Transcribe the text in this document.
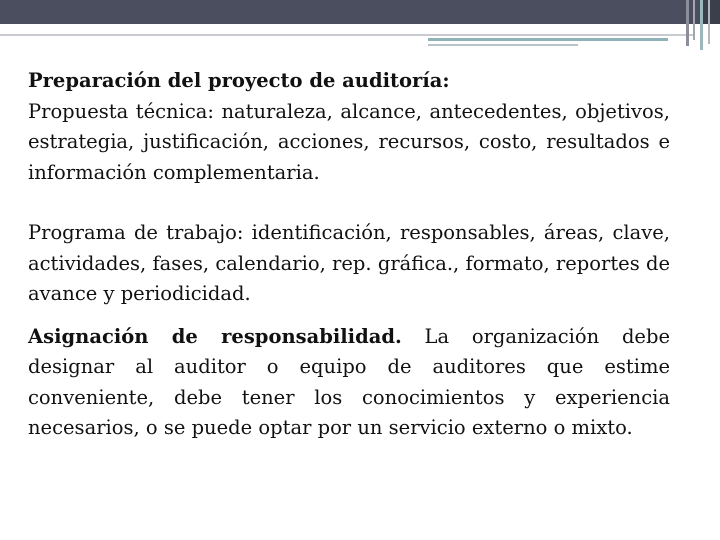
Preparación del proyecto de auditoría:
Propuesta técnica: naturaleza, alcance, antecedentes, objetivos, estrategia, justificación, acciones, recursos, costo, resultados e información complementaria.

Programa de trabajo: identificación, responsables, áreas, clave, actividades, fases, calendario, rep. gráfica., formato, reportes de avance y periodicidad.

Asignación de responsabilidad. La organización debe designar al auditor o equipo de auditores que estime conveniente, debe tener los conocimientos y experiencia necesarios, o se puede optar por un servicio externo o mixto.
